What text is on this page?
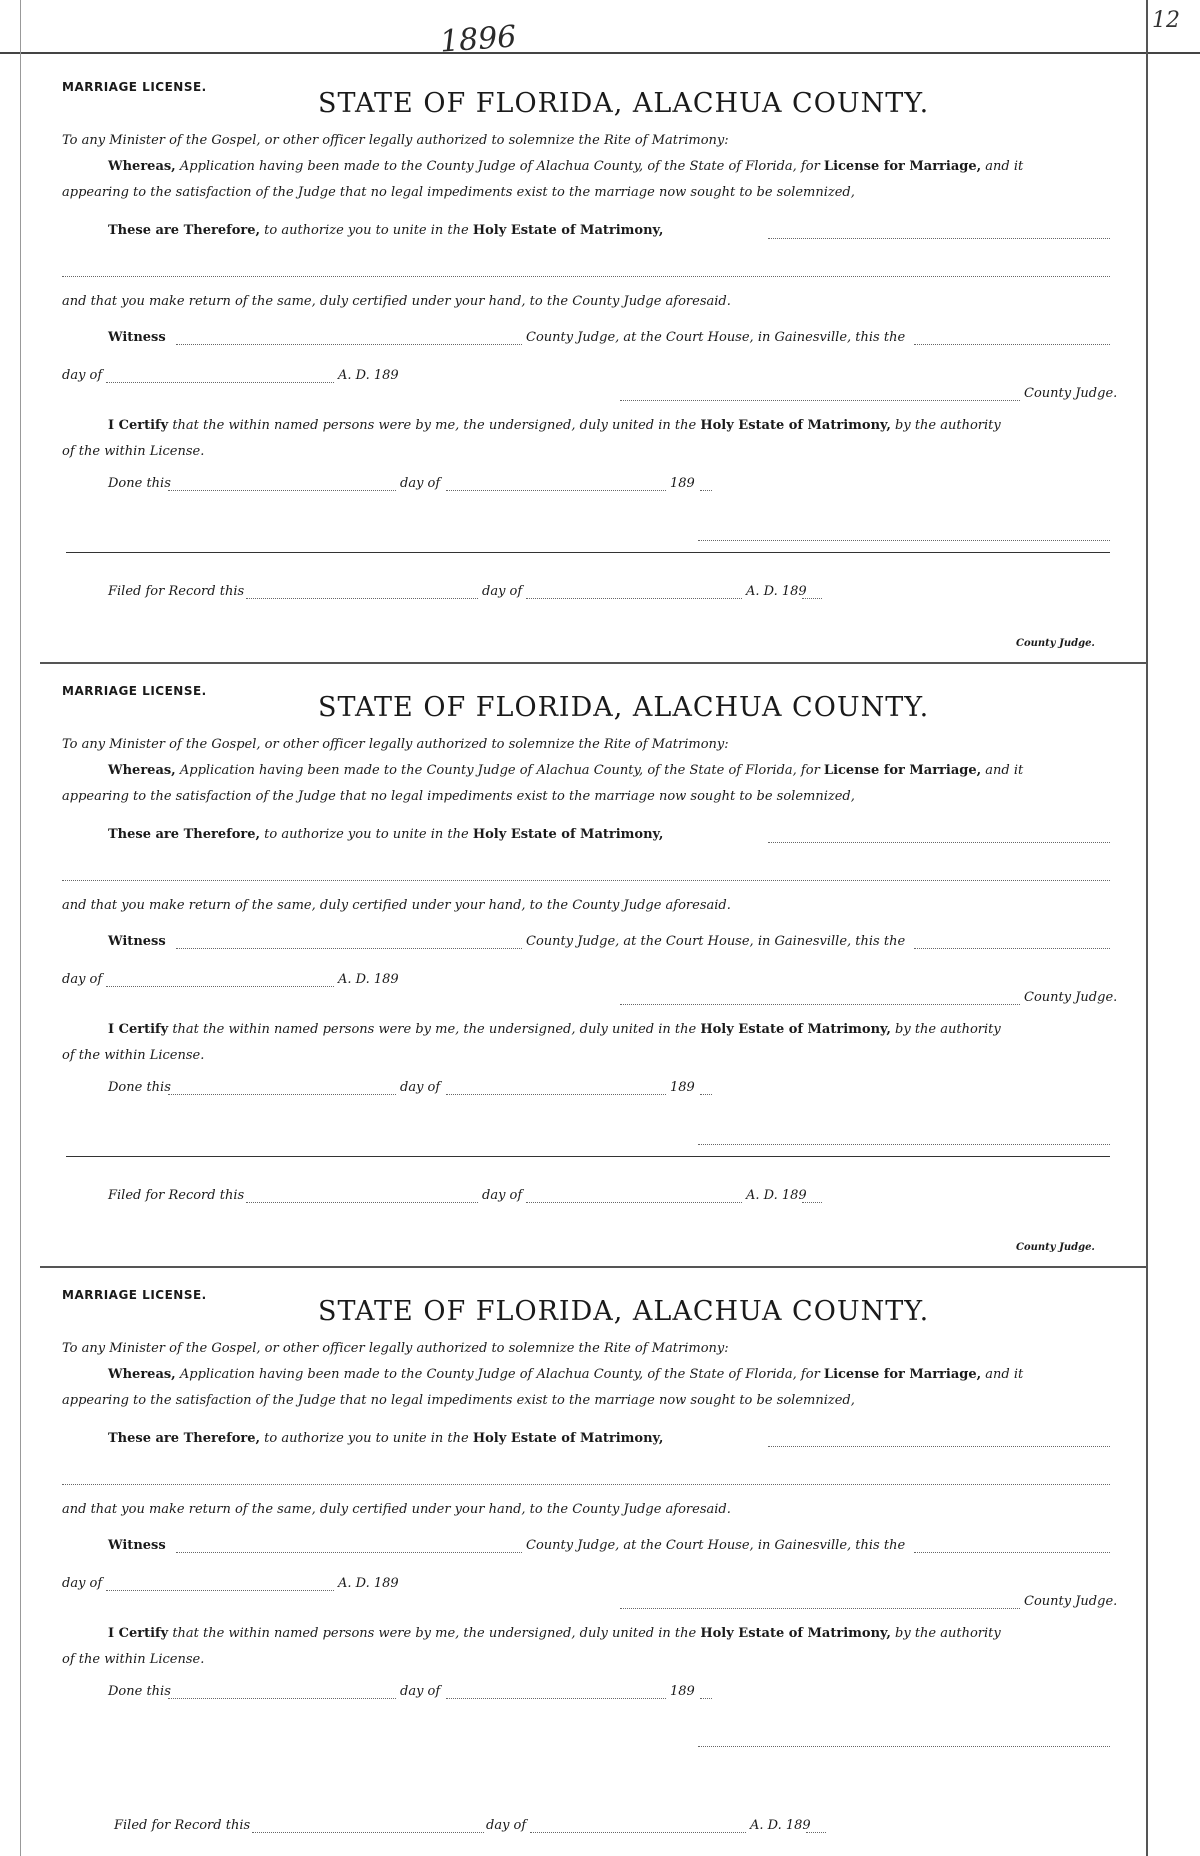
1896	12
MARRIAGE LICENSE.
STATE OF FLORIDA, ALACHUA COUNTY.
To any Minister of the Gospel, or other officer legally authorized to solemnize the Rite of Matrimony:
Whereas, Application having been made to the County Judge of Alachua County, of the State of Florida, for License for Marriage, and it
appearing to the satisfaction of the Judge that no legal impediments exist to the marriage now sought to be solemnized,
These are Therefore, to authorize you to unite in the Holy Estate of Matrimony,
and that you make return of the same, duly certified under your hand, to the County Judge aforesaid.
Witness	County Judge, at the Court House, in Gainesville, this the
day of	A. D. 189
County Judge.
I Certify that the within named persons were by me, the undersigned, duly united in the Holy Estate of Matrimony, by the authority
of the within License.
Done this	day of	189
Filed for Record this	day of	A. D. 189
County Judge.
MARRIAGE LICENSE.
STATE OF FLORIDA, ALACHUA COUNTY.
To any Minister of the Gospel, or other officer legally authorized to solemnize the Rite of Matrimony:
Whereas, Application having been made to the County Judge of Alachua County, of the State of Florida, for License for Marriage, and it
appearing to the satisfaction of the Judge that no legal impediments exist to the marriage now sought to be solemnized,
These are Therefore, to authorize you to unite in the Holy Estate of Matrimony,
and that you make return of the same, duly certified under your hand, to the County Judge aforesaid.
Witness	County Judge, at the Court House, in Gainesville, this the
day of	A. D. 189
County Judge.
I Certify that the within named persons were by me, the undersigned, duly united in the Holy Estate of Matrimony, by the authority
of the within License.
Done this	day of	189
Filed for Record this	day of	A. D. 189
County Judge.
MARRIAGE LICENSE.
STATE OF FLORIDA, ALACHUA COUNTY.
To any Minister of the Gospel, or other officer legally authorized to solemnize the Rite of Matrimony:
Whereas, Application having been made to the County Judge of Alachua County, of the State of Florida, for License for Marriage, and it
appearing to the satisfaction of the Judge that no legal impediments exist to the marriage now sought to be solemnized,
These are Therefore, to authorize you to unite in the Holy Estate of Matrimony,
and that you make return of the same, duly certified under your hand, to the County Judge aforesaid.
Witness	County Judge, at the Court House, in Gainesville, this the
day of	A. D. 189
County Judge.
I Certify that the within named persons were by me, the undersigned, duly united in the Holy Estate of Matrimony, by the authority
of the within License.
Done this	day of	189
Filed for Record this	day of	A. D. 189
